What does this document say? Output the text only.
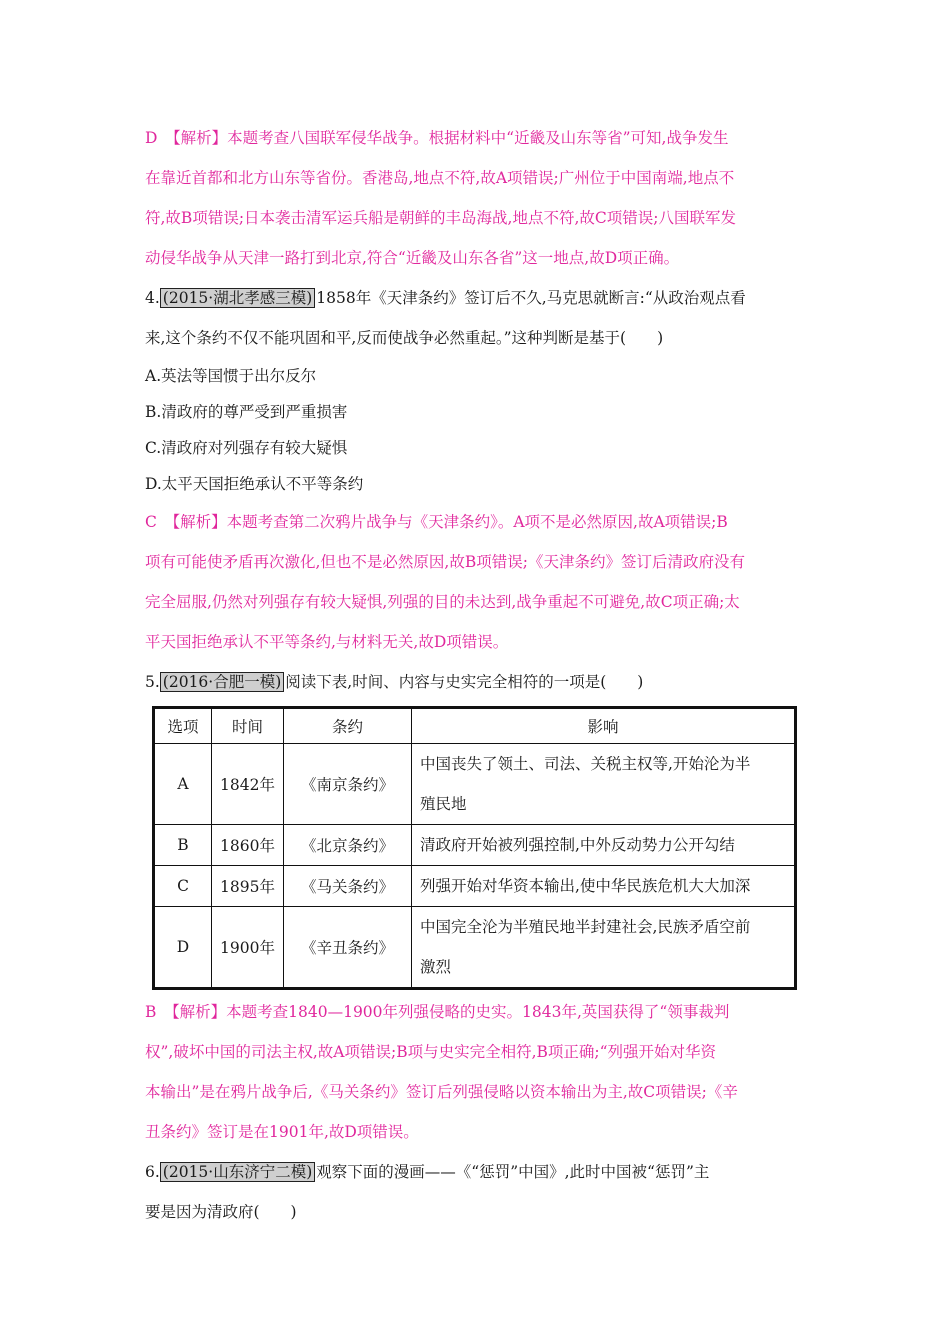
D　【解析】本题考查八国联军侵华战争。根据材料中“近畿及山东等省”可知,战争发生
在靠近首都和北方山东等省份。香港岛,地点不符,故A项错误;广州位于中国南端,地点不
符,故B项错误;日本袭击清军运兵船是朝鲜的丰岛海战,地点不符,故C项错误;八国联军发
动侵华战争从天津一路打到北京,符合“近畿及山东各省”这一地点,故D项正确。
4. (2015·湖北孝感三模) 1858年《天津条约》签订后不久,马克思就断言:“从政治观点看
来,这个条约不仅不能巩固和平,反而使战争必然重起。”这种判断是基于(　　)
A.英法等国惯于出尔反尔
B.清政府的尊严受到严重损害
C.清政府对列强存有较大疑惧
D.太平天国拒绝承认不平等条约
C　【解析】本题考查第二次鸦片战争与《天津条约》。A项不是必然原因,故A项错误;B
项有可能使矛盾再次激化,但也不是必然原因,故B项错误;《天津条约》签订后清政府没有
完全屈服,仍然对列强存有较大疑惧,列强的目的未达到,战争重起不可避免,故C项正确;太
平天国拒绝承认不平等条约,与材料无关,故D项错误。
5. (2016·合肥一模) 阅读下表,时间、内容与史实完全相符的一项是(　　)
选项	时间	条约	影响
A	1842年	《南京条约》	中国丧失了领土、司法、关税主权等,开始沦为半
殖民地

B	1860年	《北京条约》	清政府开始被列强控制,中外反动势力公开勾结
C	1895年	《马关条约》	列强开始对华资本输出,使中华民族危机大大加深
D	1900年	《辛丑条约》	中国完全沦为半殖民地半封建社会,民族矛盾空前
激烈
B　【解析】本题考查1840—1900年列强侵略的史实。1843年,英国获得了“领事裁判
权”,破坏中国的司法主权,故A项错误;B项与史实完全相符,B项正确;“列强开始对华资
本输出”是在鸦片战争后,《马关条约》签订后列强侵略以资本输出为主,故C项错误;《辛
丑条约》签订是在1901年,故D项错误。
6. (2015·山东济宁二模) 观察下面的漫画——《“惩罚”中国》,此时中国被“惩罚”主
要是因为清政府(　　)
